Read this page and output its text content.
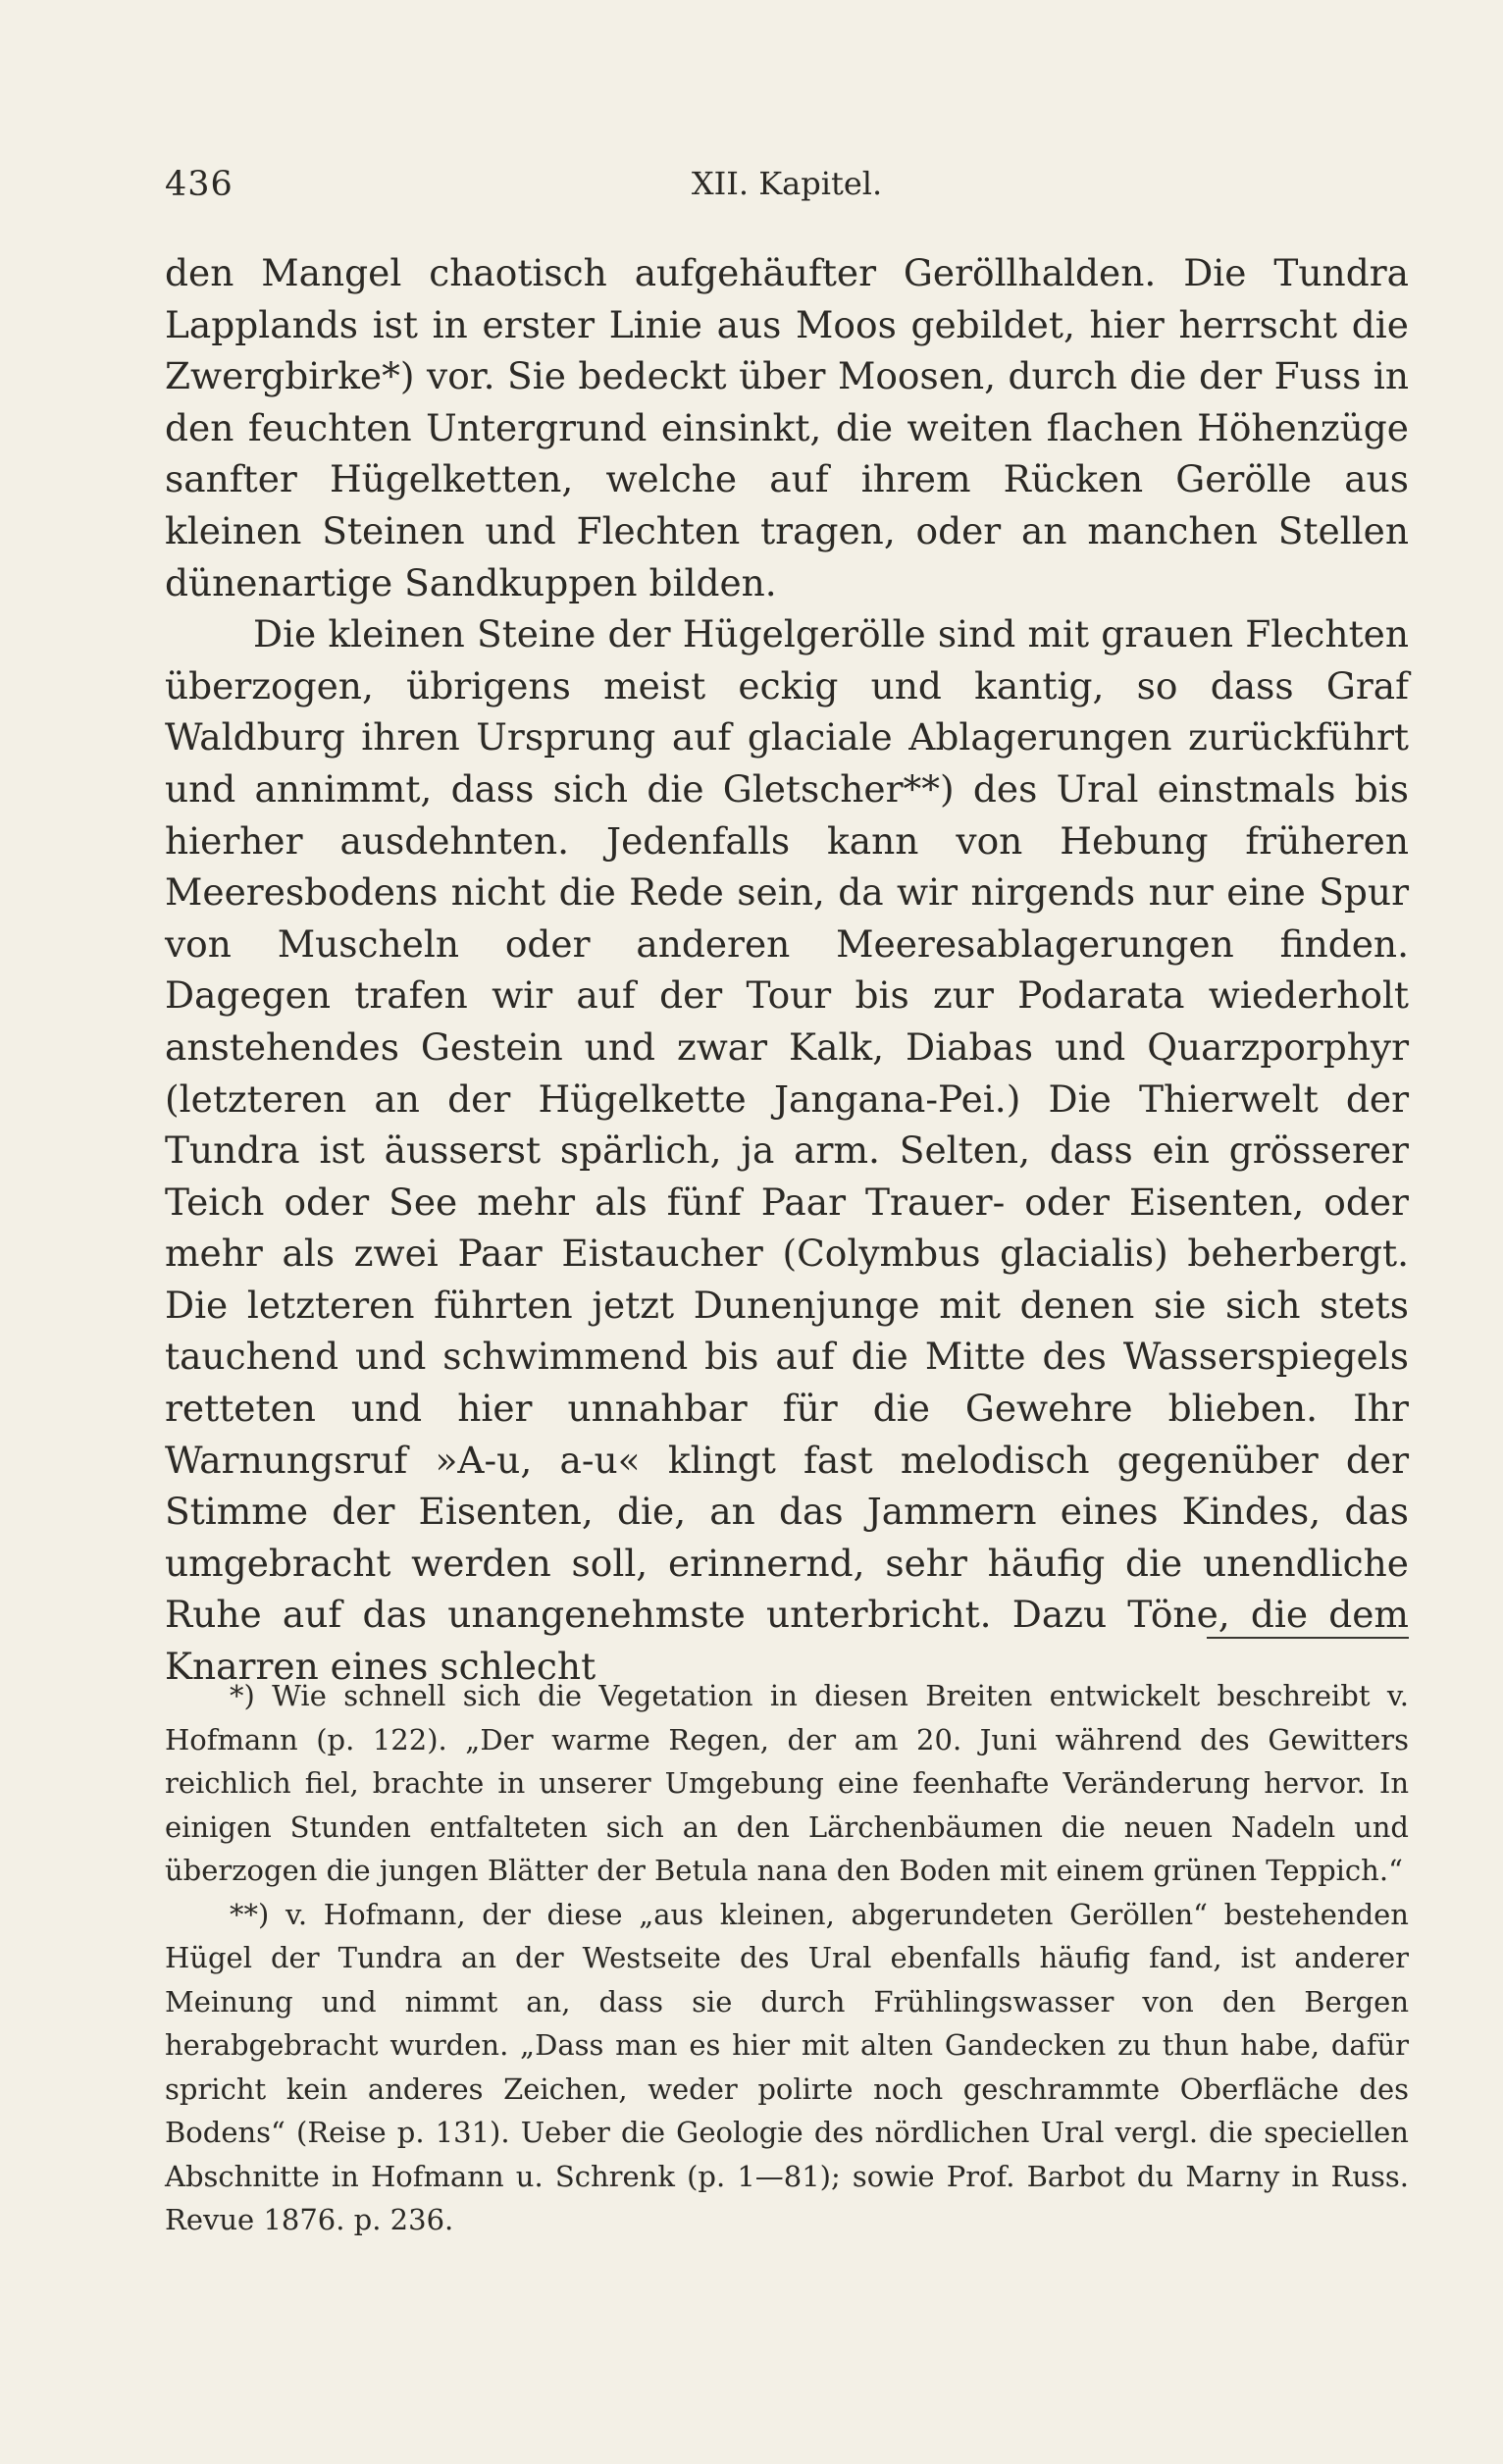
436	XII. Kapitel.

den Mangel chaotisch aufgehäufter Geröllhalden. Die Tundra Lapplands ist in erster Linie aus Moos gebildet, hier herrscht die Zwergbirke*) vor. Sie bedeckt über Moosen, durch die der Fuss in den feuchten Untergrund einsinkt, die weiten flachen Höhenzüge sanfter Hügelketten, welche auf ihrem Rücken Gerölle aus kleinen Steinen und Flechten tragen, oder an manchen Stellen dünenartige Sandkuppen bilden.

Die kleinen Steine der Hügelgerölle sind mit grauen Flechten überzogen, übrigens meist eckig und kantig, so dass Graf Waldburg ihren Ursprung auf glaciale Ablagerungen zurückführt und annimmt, dass sich die Gletscher**) des Ural einstmals bis hierher ausdehnten. Jedenfalls kann von Hebung früheren Meeresbodens nicht die Rede sein, da wir nirgends nur eine Spur von Muscheln oder anderen Meeresablagerungen finden. Dagegen trafen wir auf der Tour bis zur Podarata wiederholt anstehendes Gestein und zwar Kalk, Diabas und Quarzporphyr (letzteren an der Hügelkette Jangana-Pei.) Die Thierwelt der Tundra ist äusserst spärlich, ja arm. Selten, dass ein grösserer Teich oder See mehr als fünf Paar Trauer- oder Eisenten, oder mehr als zwei Paar Eistaucher (Colymbus glacialis) beherbergt. Die letzteren führten jetzt Dunenjunge mit denen sie sich stets tauchend und schwimmend bis auf die Mitte des Wasserspiegels retteten und hier unnahbar für die Gewehre blieben. Ihr Warnungsruf »A-u, a-u« klingt fast melodisch gegenüber der Stimme der Eisenten, die, an das Jammern eines Kindes, das umgebracht werden soll, erinnernd, sehr häufig die unendliche Ruhe auf das unangenehmste unterbricht. Dazu Töne, die dem Knarren eines schlecht

*) Wie schnell sich die Vegetation in diesen Breiten entwickelt beschreibt v. Hofmann (p. 122). „Der warme Regen, der am 20. Juni während des Gewitters reichlich fiel, brachte in unserer Umgebung eine feenhafte Veränderung hervor. In einigen Stunden entfalteten sich an den Lärchenbäumen die neuen Nadeln und überzogen die jungen Blätter der Betula nana den Boden mit einem grünen Teppich.“

**) v. Hofmann, der diese „aus kleinen, abgerundeten Geröllen“ bestehenden Hügel der Tundra an der Westseite des Ural ebenfalls häufig fand, ist anderer Meinung und nimmt an, dass sie durch Frühlingswasser von den Bergen herabgebracht wurden. „Dass man es hier mit alten Gandecken zu thun habe, dafür spricht kein anderes Zeichen, weder polirte noch geschrammte Oberfläche des Bodens“ (Reise p. 131). Ueber die Geologie des nördlichen Ural vergl. die speciellen Abschnitte in Hofmann u. Schrenk (p. 1—81); sowie Prof. Barbot du Marny in Russ. Revue 1876. p. 236.
